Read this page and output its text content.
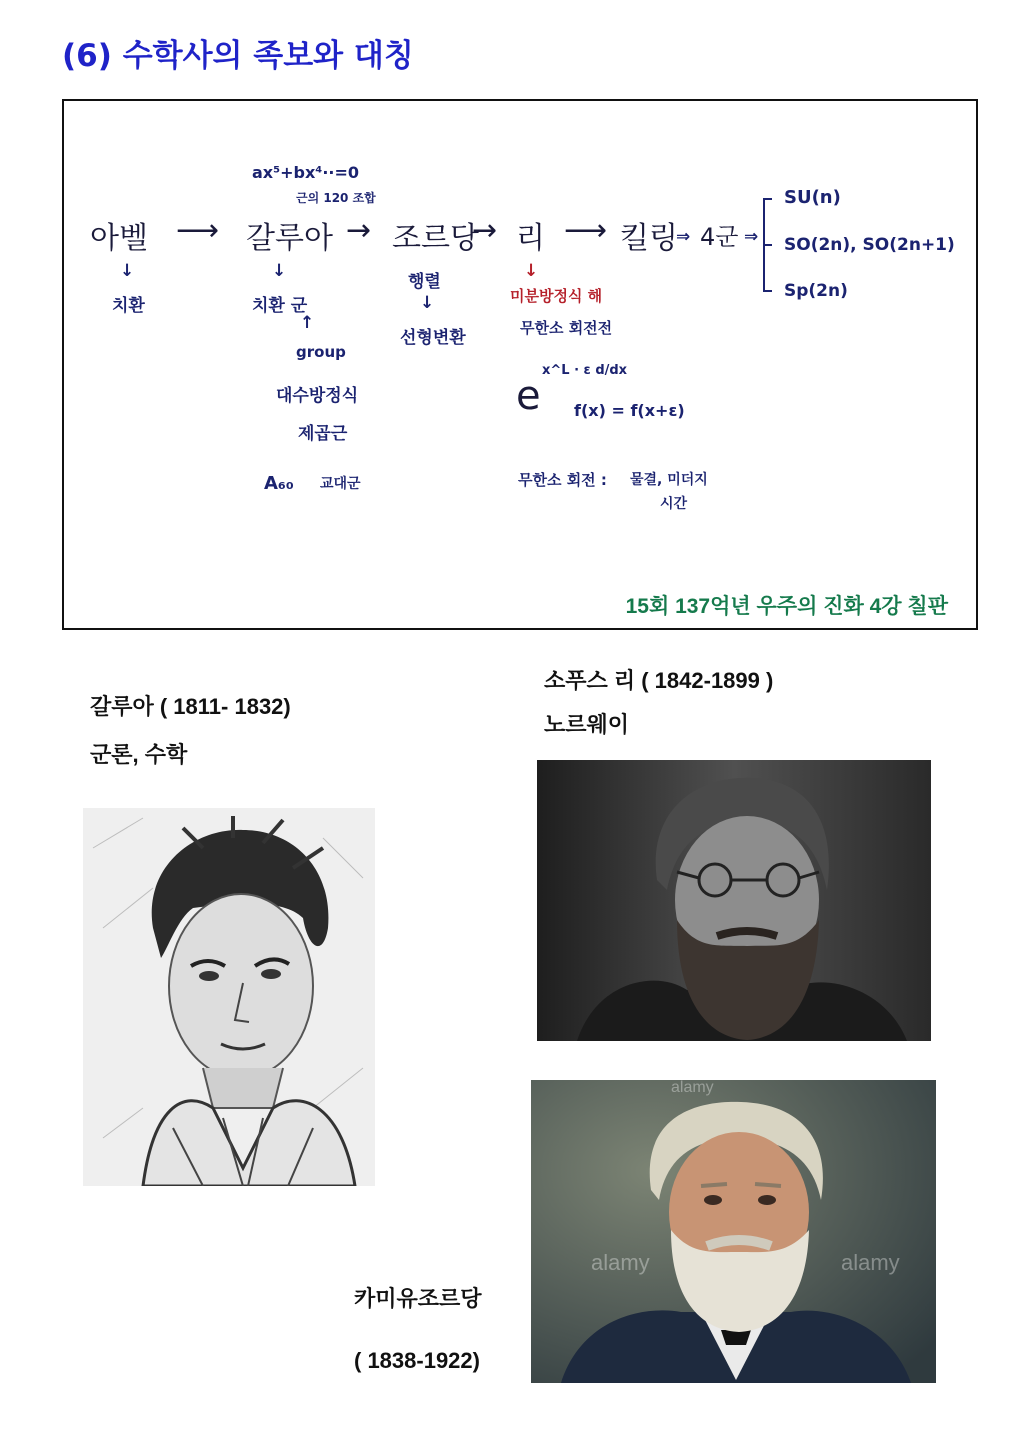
(6) 수학사의 족보와 대칭
ax⁵+bx⁴··=0
근의 120 조합
아벨 ⟶ 갈루아 → 조르당
→ 리 ⟶ 킬링
⇒ 4군 ⇒
SU(n)
SO(2n), SO(2n+1)
Sp(2n)
↓
치환
↓
치환 군
↑
group
대수방정식
제곱근
A₆₀ 교대군
행렬
↓
선형변환
↓
미분방정식 해
무한소 회전전
e
x^L · ε d/dx
f(x) = f(x+ε)
무한소 회전 : 물결, 미더지
시간
15회 137억년 우주의 진화 4강 칠판
갈루아 ( 1811- 1832)
군론, 수학
소푸스 리 ( 1842-1899 )
노르웨이
alamy	alamy
alamy
카미유조르당
( 1838-1922)
